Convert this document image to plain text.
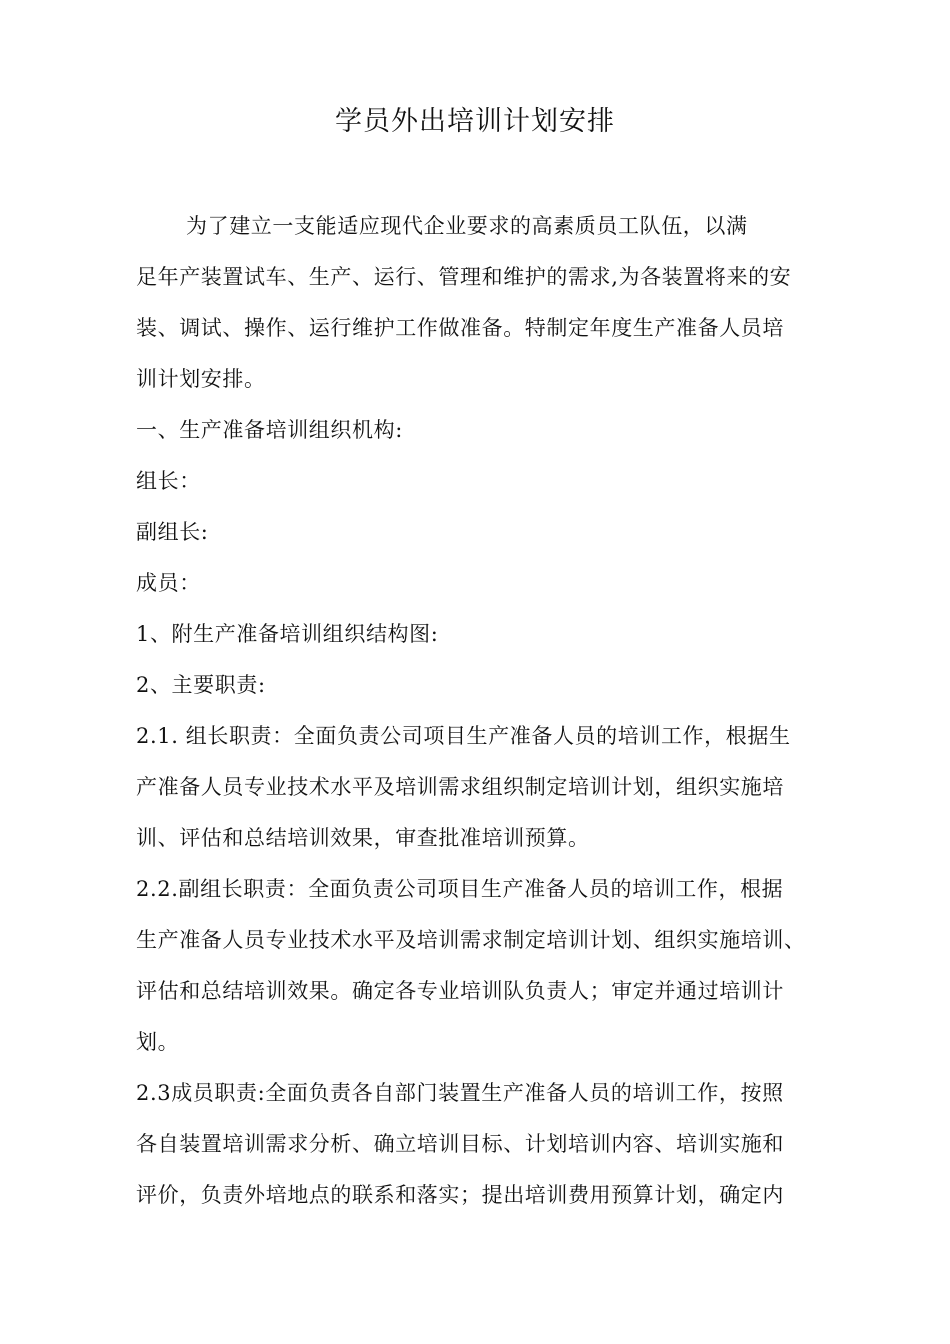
学员外出培训计划安排
为了建立一支能适应现代企业要求的高素质员工队伍，以满
足年产装置试车、生产、运行、管理和维护的需求,为各装置将来的安
装、调试、操作、运行维护工作做准备。特制定年度生产准备人员培
训计划安排。
一、生产准备培训组织机构:
组长：
副组长:
成员：
1、附生产准备培训组织结构图:
2、主要职责:
2.1. 组长职责：全面负责公司项目生产准备人员的培训工作，根据生
产准备人员专业技术水平及培训需求组织制定培训计划，组织实施培
训、评估和总结培训效果，审查批准培训预算。
2.2.副组长职责：全面负责公司项目生产准备人员的培训工作，根据
生产准备人员专业技术水平及培训需求制定培训计划、组织实施培训、
评估和总结培训效果。确定各专业培训队负责人；审定并通过培训计
划。
2.3成员职责:全面负责各自部门装置生产准备人员的培训工作，按照
各自装置培训需求分析、确立培训目标、计划培训内容、培训实施和
评价，负责外培地点的联系和落实；提出培训费用预算计划，确定内
